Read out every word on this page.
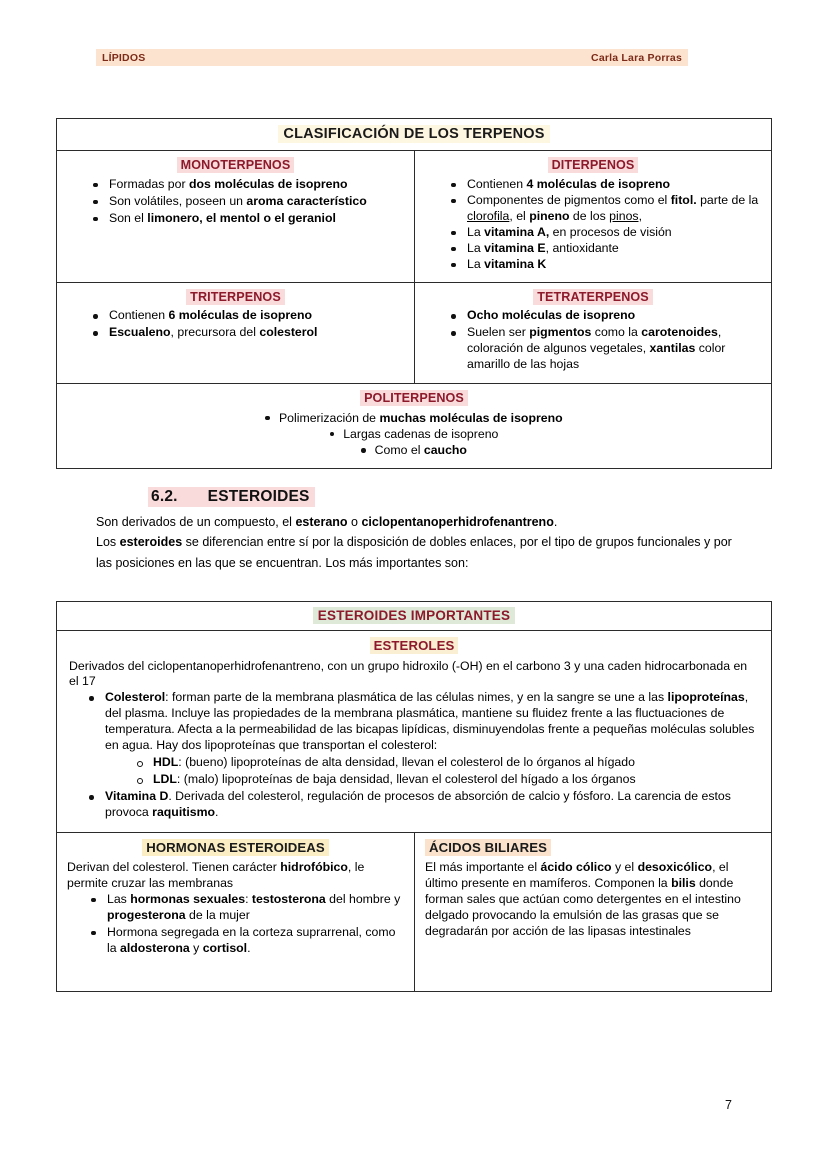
LÍPIDOS	Carla Lara Porras
CLASIFICACIÓN DE LOS TERPENOS
MONOTERPENOS
Formadas por dos moléculas de isopreno
Son volátiles, poseen un aroma característico
Son el limonero, el mentol o el geraniol
DITERPENOS
Contienen 4 moléculas de isopreno
Componentes de pigmentos como el fitol. parte de la clorofila, el pineno de los pinos,
La vitamina A, en procesos de visión
La vitamina E, antioxidante
La vitamina K
TRITERPENOS
Contienen 6 moléculas de isopreno
Escualeno, precursora del colesterol
TETRATERPENOS
Ocho moléculas de isopreno
Suelen ser pigmentos como la carotenoides, coloración de algunos vegetales, xantilas color amarillo de las hojas
POLITERPENOS
Polimerización de muchas moléculas de isopreno
Largas cadenas de isopreno
Como el caucho
6.2. ESTEROIDES
Son derivados de un compuesto, el esterano o ciclopentanoperhidrofenantreno.
Los esteroides se diferencian entre sí por la disposición de dobles enlaces, por el tipo de grupos funcionales y por las posiciones en las que se encuentran. Los más importantes son:
ESTEROIDES IMPORTANTES
ESTEROLES
Derivados del ciclopentanoperhidrofenantreno, con un grupo hidroxilo (-OH) en el carbono 3 y una caden hidrocarbonada en el 17
Colesterol: forman parte de la membrana plasmática de las células nimes, y en la sangre se une a las lipoproteínas, del plasma. Incluye las propiedades de la membrana plasmática, mantiene su fluidez frente a las fluctuaciones de temperatura. Afecta a la permeabilidad de las bicapas lipídicas, disminuyendolas frente a pequeñas moléculas solubles en agua. Hay dos lipoproteínas que transportan el colesterol:
HDL: (bueno) lipoproteínas de alta densidad, llevan el colesterol de lo órganos al hígado
LDL: (malo) lipoproteínas de baja densidad, llevan el colesterol del hígado a los órganos
Vitamina D. Derivada del colesterol, regulación de procesos de absorción de calcio y fósforo. La carencia de estos provoca raquitismo.
HORMONAS ESTEROIDEAS
Derivan del colesterol. Tienen carácter hidrofóbico, le permite cruzar las membranas
Las hormonas sexuales: testosterona del hombre y progesterona de la mujer
Hormona segregada en la corteza suprarrenal, como la aldosterona y cortisol.
ÁCIDOS BILIARES
El más importante el ácido cólico y el desoxicólico, el último presente en mamíferos. Componen la bilis donde forman sales que actúan como detergentes en el intestino delgado provocando la emulsión de las grasas que se degradarán por acción de las lipasas intestinales
7
